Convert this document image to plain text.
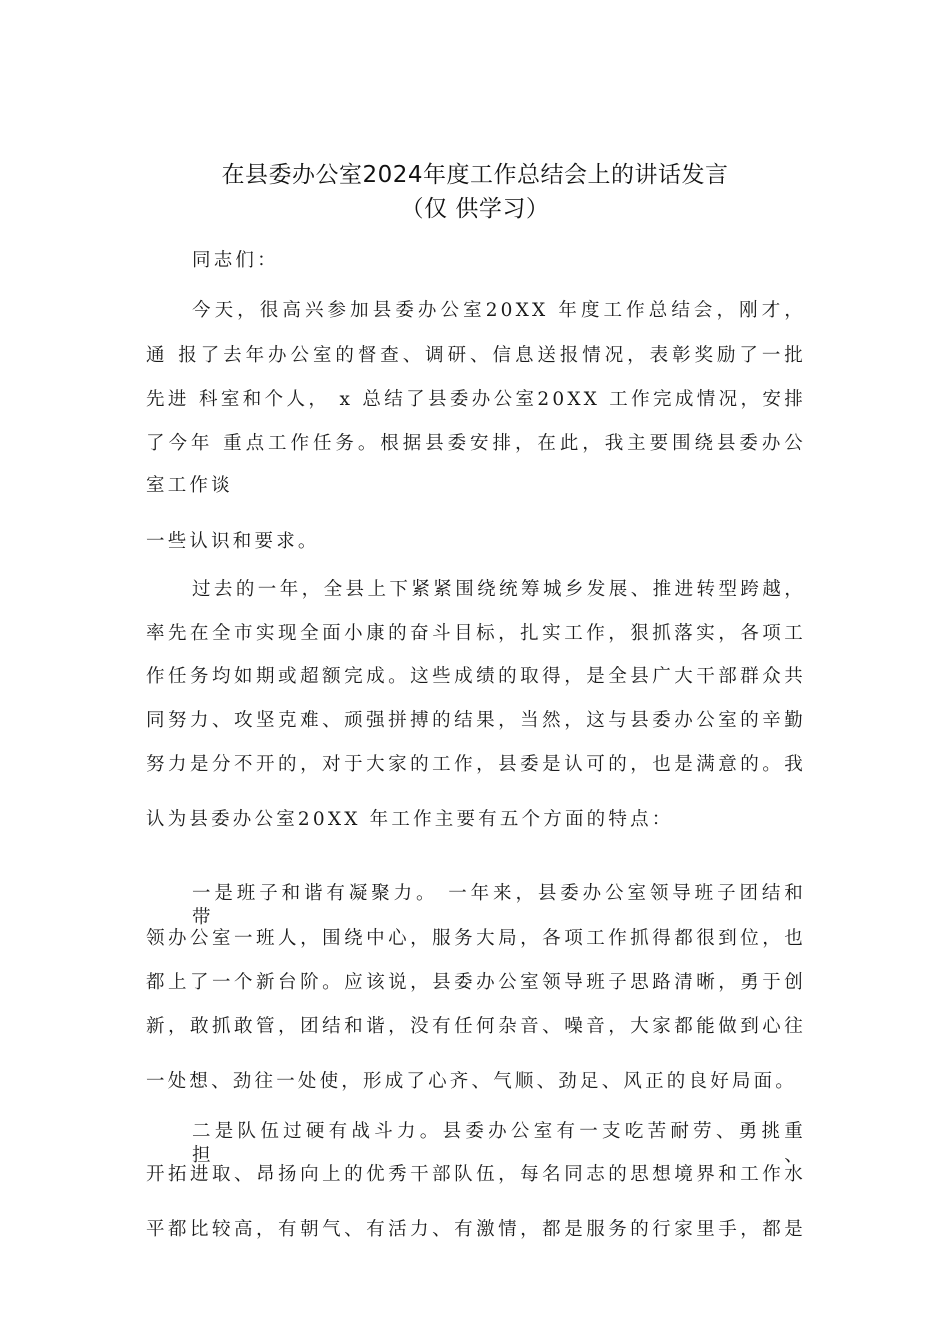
在县委办公室2024年度工作总结会上的讲话发言
（仅 供学习）
同志们：
今天，很高兴参加县委办公室20XX 年度工作总结会，刚才，
通 报了去年办公室的督查、调研、信息送报情况，表彰奖励了一批
先进 科室和个人， x 总结了县委办公室20XX 工作完成情况，安排
了今年 重点工作任务。根据县委安排，在此，我主要围绕县委办公
室工作谈
一些认识和要求。
过去的一年，全县上下紧紧围绕统筹城乡发展、推进转型跨越，
率先在全市实现全面小康的奋斗目标，扎实工作，狠抓落实，各项工
作任务均如期或超额完成。这些成绩的取得，是全县广大干部群众共
同努力、攻坚克难、顽强拼搏的结果，当然，这与县委办公室的辛勤
努力是分不开的，对于大家的工作，县委是认可的，也是满意的。我
认为县委办公室20XX 年工作主要有五个方面的特点：
一是班子和谐有凝聚力。 一年来，县委办公室领导班子团结和带
领办公室一班人，围绕中心，服务大局，各项工作抓得都很到位，也
都上了一个新台阶。应该说，县委办公室领导班子思路清晰，勇于创
新，敢抓敢管，团结和谐，没有任何杂音、噪音，大家都能做到心往
一处想、劲往一处使，形成了心齐、气顺、劲足、风正的良好局面。
二是队伍过硬有战斗力。县委办公室有一支吃苦耐劳、勇挑重担、
开拓进取、昂扬向上的优秀干部队伍，每名同志的思想境界和工作水
平都比较高，有朝气、有活力、有激情，都是服务的行家里手，都是
